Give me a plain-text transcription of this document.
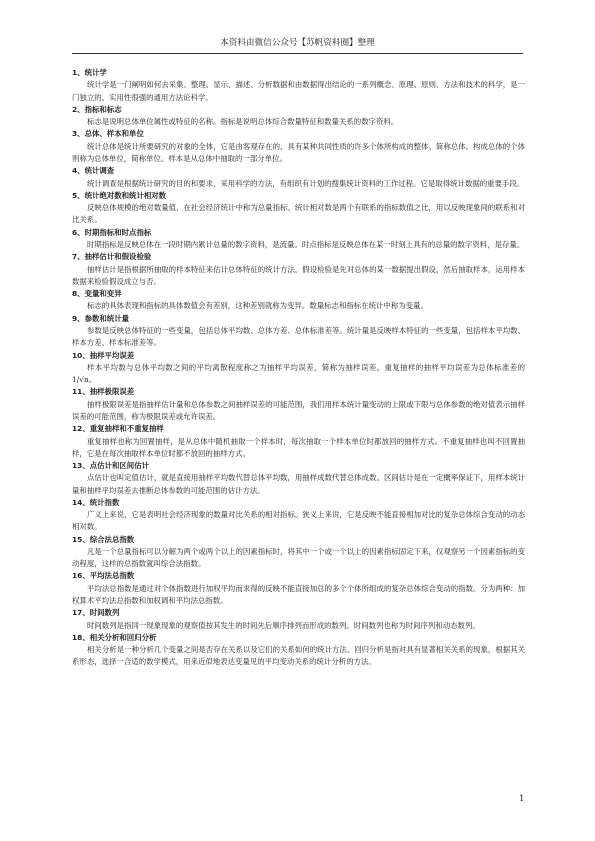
本资料由微信公众号【苏帆资料圈】整理

1、统计学

统计学是一门阐明如何去采集、整理、显示、描述、分析数据和由数据得出结论的一系列概念、原理、原则、方法和技术的科学，是一门独立的、实用性很强的通用方法论科学。

2、指标和标志

标志是说明总体单位属性或特征的名称。指标是说明总体综合数量特征和数量关系的数字资料。

3、总体、样本和单位

统计总体是统计所要研究的对象的全体，它是由客观存在的、具有某种共同性质的许多个体所构成的整体。简称总体。构成总体的个体则称为总体单位，简称单位。样本是从总体中抽取的一部分单位。

4、统计调查

统计调查是根据统计研究的目的和要求，采用科学的方法，有组织有计划的搜集统计资料的工作过程。它是取得统计数据的重要手段。

5、统计绝对数和统计相对数

反映总体规模的绝对数量值，在社会经济统计中称为总量指标。统计相对数是两个有联系的指标数值之比，用以反映现象间的联系和对比关系。

6、时期指标和时点指标

时期指标是反映总体在一段时期内累计总量的数字资料，是流量。时点指标是反映总体在某一时刻上具有的总量的数字资料，是存量。

7、抽样估计和假设检验

抽样估计是指根据所抽取的样本特征来估计总体特征的统计方法。假设检验是先对总体的某一数据提出假设，然后抽取样本，运用样本数据来检验假设成立与否。

8、变量和变异

标志的具体表现和指标的具体数值会有差别，这种差别就称为变异。数量标志和指标在统计中称为变量。

9、参数和统计量

参数是反映总体特征的一些变量，包括总体平均数、总体方差、总体标准差等。统计量是反映样本特征的一些变量，包括样本平均数、样本方差、样本标准差等。

10、抽样平均误差

样本平均数与总体平均数之间的平均离散程度称之为抽样平均误差，简称为抽样误差。重复抽样的抽样平均误差为总体标准差的1/√n。

11、抽样极限误差

抽样极限误差是指抽样估计量和总体参数之间抽样误差的可能范围，我们用样本统计量变动的上限或下限与总体参数的绝对值表示抽样误差的可能范围，称为极限误差或允许误差。

12、重复抽样和不重复抽样

重复抽样也称为回置抽样，是从总体中随机抽取一个样本时，每次抽取一个样本单位时都放回的抽样方式。不重复抽样也叫不回置抽样，它是在每次抽取样本单位时都不放回的抽样方式。

13、点估计和区间估计

点估计也叫定值估计，就是直接用抽样平均数代替总体平均数，用抽样成数代替总体成数。区间估计是在一定概率保证下，用样本统计量和抽样平均误差去推断总体参数的可能范围的估计方法。

14、统计指数

广义上来说，它是表明社会经济现象的数量对比关系的相对指标。狭义上来说，它是反映不能直接相加对比的复杂总体综合变动的动态相对数。

15、综合法总指数

凡是一个总量指标可以分解为两个或两个以上的因素指标时，将其中一个或一个以上的因素指标固定下来，仅观察另一个因素指标的变动程度，这样的总指数就叫综合法指数。

16、平均法总指数

平均法总指数是通过对个体指数进行加权平均而求得的反映不能直接加总的多个个体所组成的复杂总体综合变动的指数。分为两种：加权算术平均法总指数和加权调和平均法总指数。

17、时间数列

时间数列是指同一现象现象的观察值按其发生的时间先后顺序排列而形成的数列。时间数列也称为时间序列和动态数列。

18、相关分析和回归分析

相关分析是一种分析几个变量之间是否存在关系以及它们的关系如何的统计方法。回归分析是指对具有显著相关关系的现象，根据其关系形态，选择一合适的数学模式，用来近似地表达变量见的平均变动关系的统计分析的方法。

1
